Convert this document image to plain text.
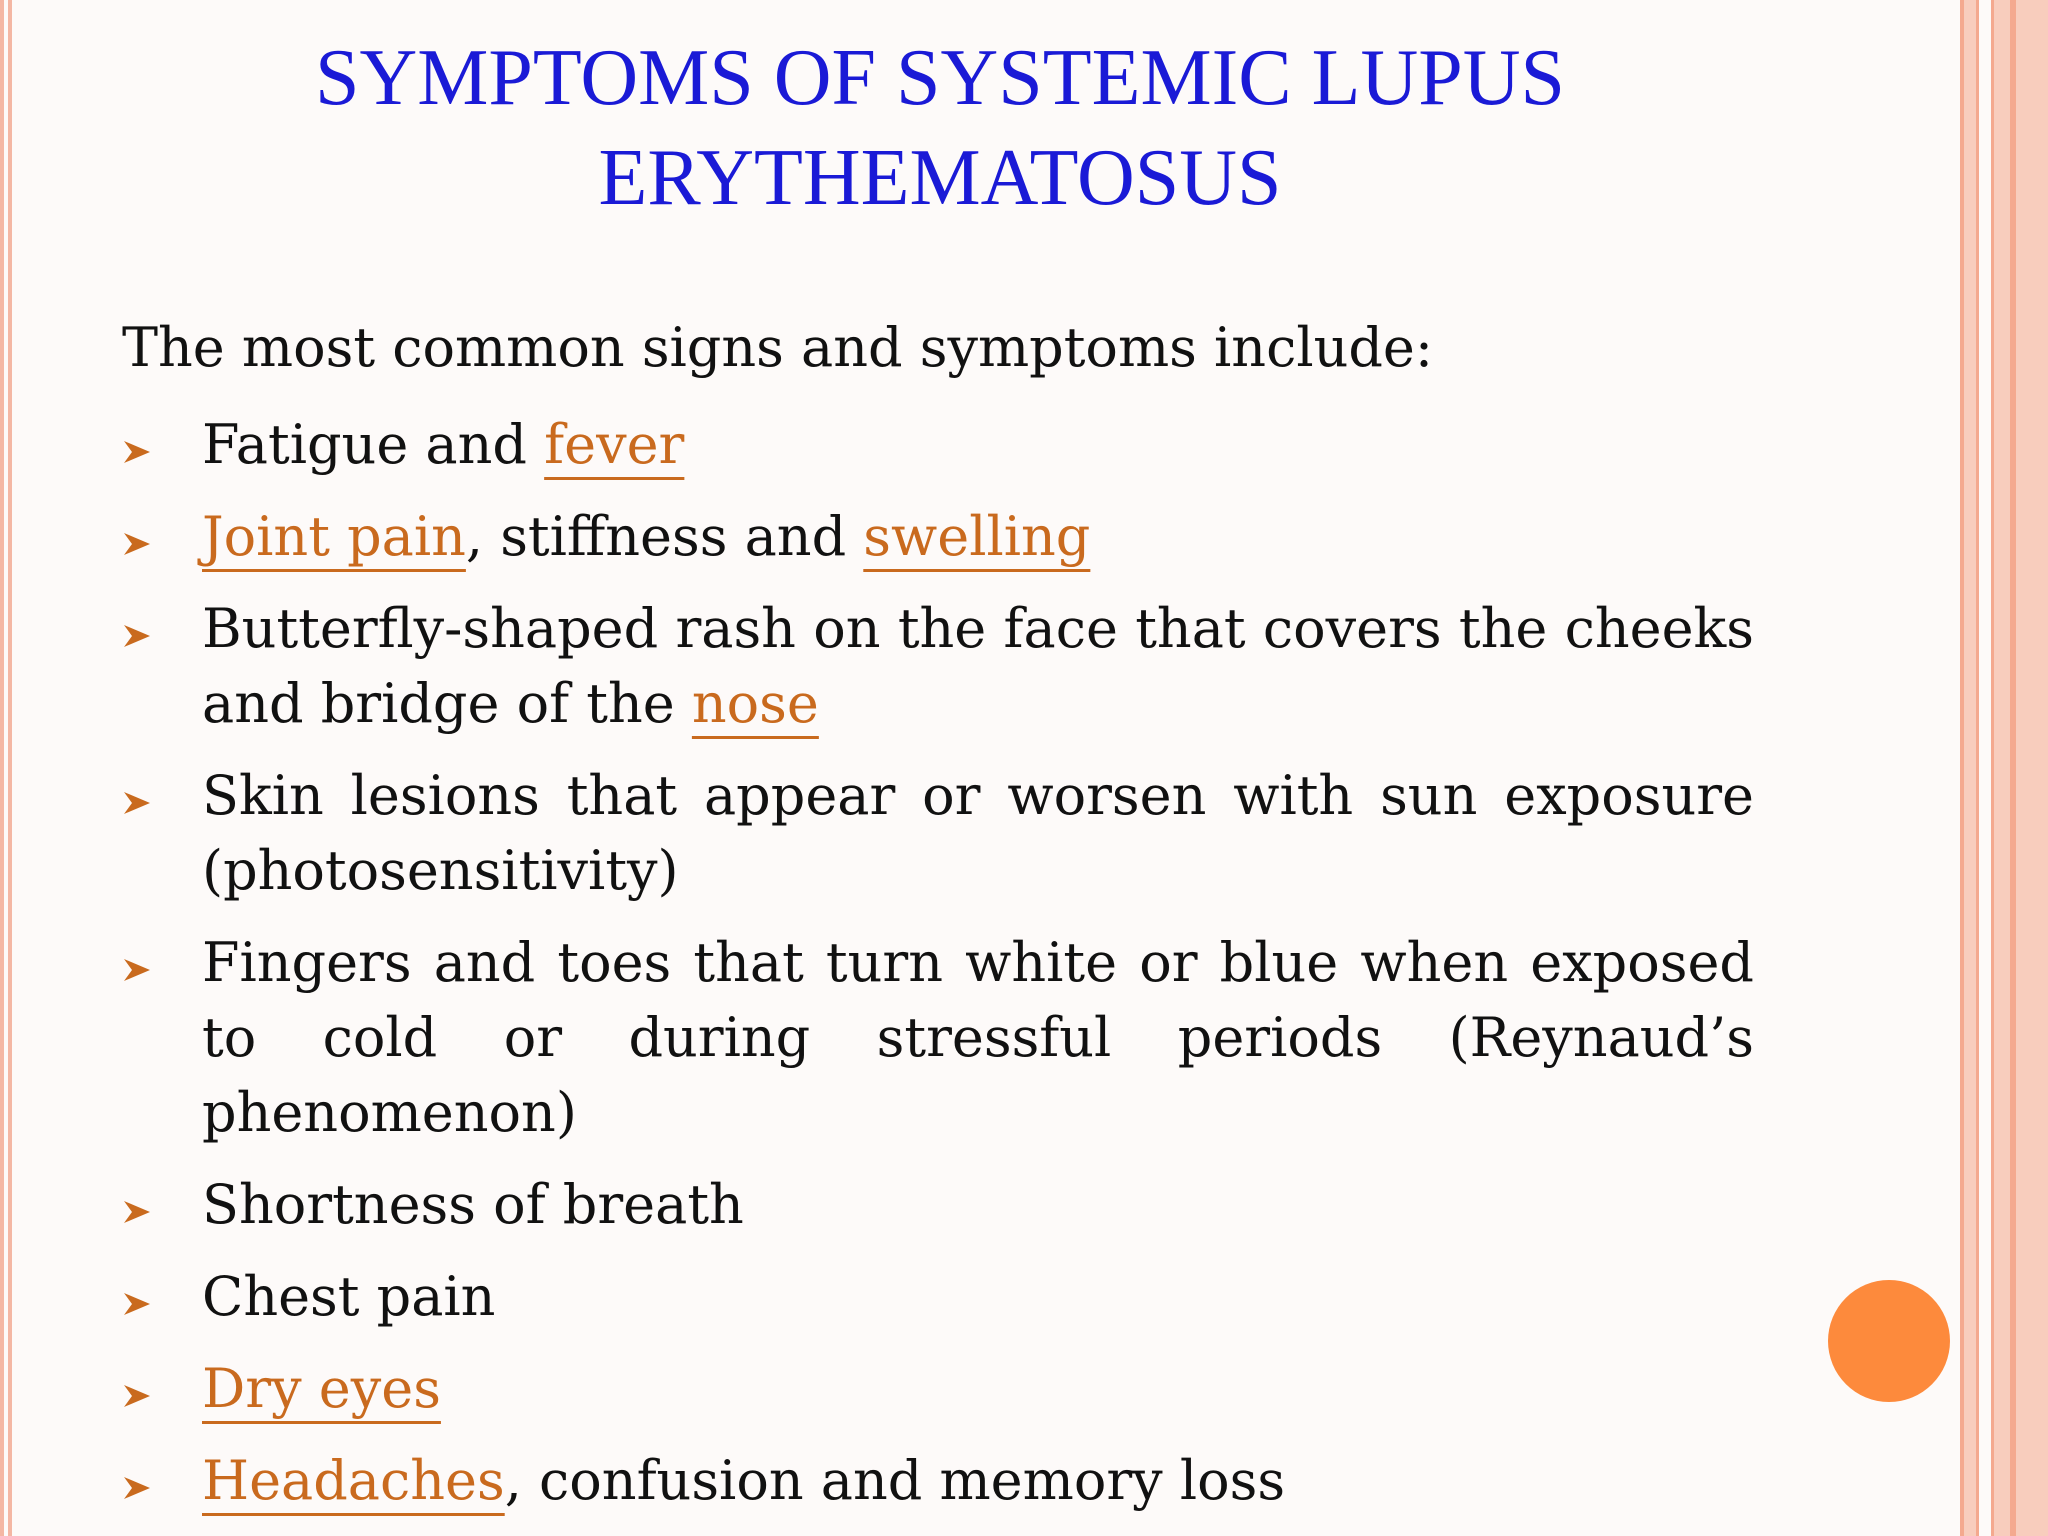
SYMPTOMS OF SYSTEMIC LUPUS
ERYTHEMATOSUS

The most common signs and symptoms include:

Fatigue and fever
Joint pain, stiffness and swelling
Butterfly-shaped rash on the face that covers the cheeks and bridge of the nose
Skin lesions that appear or worsen with sun exposure (photosensitivity)
Fingers and toes that turn white or blue when exposed to cold or during stressful periods (Reynaud’s phenomenon)
Shortness of breath
Chest pain
Dry eyes
Headaches, confusion and memory loss
